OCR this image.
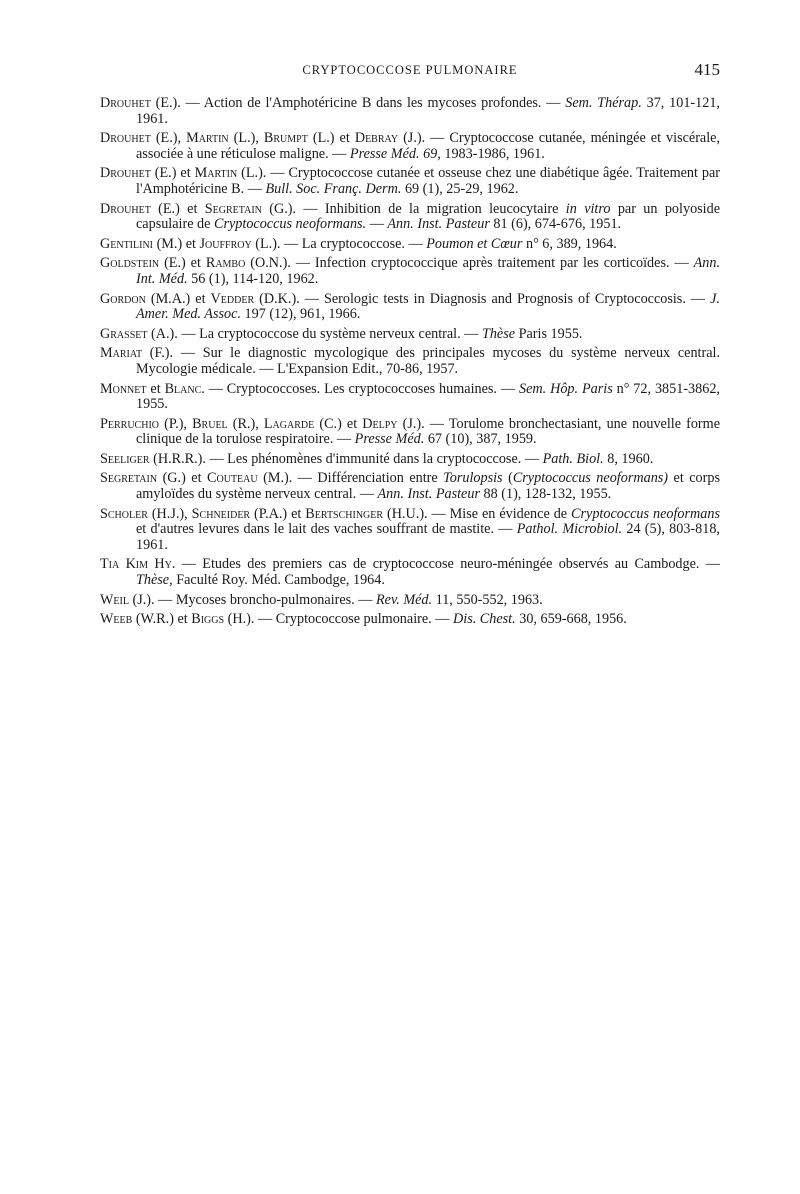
CRYPTOCOCCOSE PULMONAIRE	415

Drouhet (E.). — Action de l'Amphotéricine B dans les mycoses profondes. — Sem. Thérap. 37, 101-121, 1961.

Drouhet (E.), Martin (L.), Brumpt (L.) et Debray (J.). — Cryptococcose cutanée, méningée et viscérale, associée à une réticulose maligne. — Presse Méd. 69, 1983-1986, 1961.

Drouhet (E.) et Martin (L.). — Cryptococcose cutanée et osseuse chez une diabétique âgée. Traitement par l'Amphotéricine B. — Bull. Soc. Franç. Derm. 69 (1), 25-29, 1962.

Drouhet (E.) et Segretain (G.). — Inhibition de la migration leucocytaire in vitro par un polyoside capsulaire de Cryptococcus neoformans. — Ann. Inst. Pasteur 81 (6), 674-676, 1951.

Gentilini (M.) et Jouffroy (L.). — La cryptococcose. — Poumon et Cœur n° 6, 389, 1964.

Goldstein (E.) et Rambo (O.N.). — Infection cryptococcique après traitement par les corticoïdes. — Ann. Int. Méd. 56 (1), 114-120, 1962.

Gordon (M.A.) et Vedder (D.K.). — Serologic tests in Diagnosis and Prognosis of Cryptococcosis. — J. Amer. Med. Assoc. 197 (12), 961, 1966.

Grasset (A.). — La cryptococcose du système nerveux central. — Thèse Paris 1955.

Mariat (F.). — Sur le diagnostic mycologique des principales mycoses du système nerveux central. Mycologie médicale. — L'Expansion Edit., 70-86, 1957.

Monnet et Blanc. — Cryptococcoses. Les cryptococcoses humaines. — Sem. Hôp. Paris n° 72, 3851-3862, 1955.

Perruchio (P.), Bruel (R.), Lagarde (C.) et Delpy (J.). — Torulome bronchectasiant, une nouvelle forme clinique de la torulose respiratoire. — Presse Méd. 67 (10), 387, 1959.

Seeliger (H.R.R.). — Les phénomènes d'immunité dans la cryptococcose. — Path. Biol. 8, 1960.

Segretain (G.) et Couteau (M.). — Différenciation entre Torulopsis (Cryptococcus neoformans) et corps amyloïdes du système nerveux central. — Ann. Inst. Pasteur 88 (1), 128-132, 1955.

Scholer (H.J.), Schneider (P.A.) et Bertschinger (H.U.). — Mise en évidence de Cryptococcus neoformans et d'autres levures dans le lait des vaches souffrant de mastite. — Pathol. Microbiol. 24 (5), 803-818, 1961.

Tia Kim Hy. — Etudes des premiers cas de cryptococcose neuro-méningée observés au Cambodge. — Thèse, Faculté Roy. Méd. Cambodge, 1964.

Weil (J.). — Mycoses broncho-pulmonaires. — Rev. Méd. 11, 550-552, 1963.

Weeb (W.R.) et Biggs (H.). — Cryptococcose pulmonaire. — Dis. Chest. 30, 659-668, 1956.
